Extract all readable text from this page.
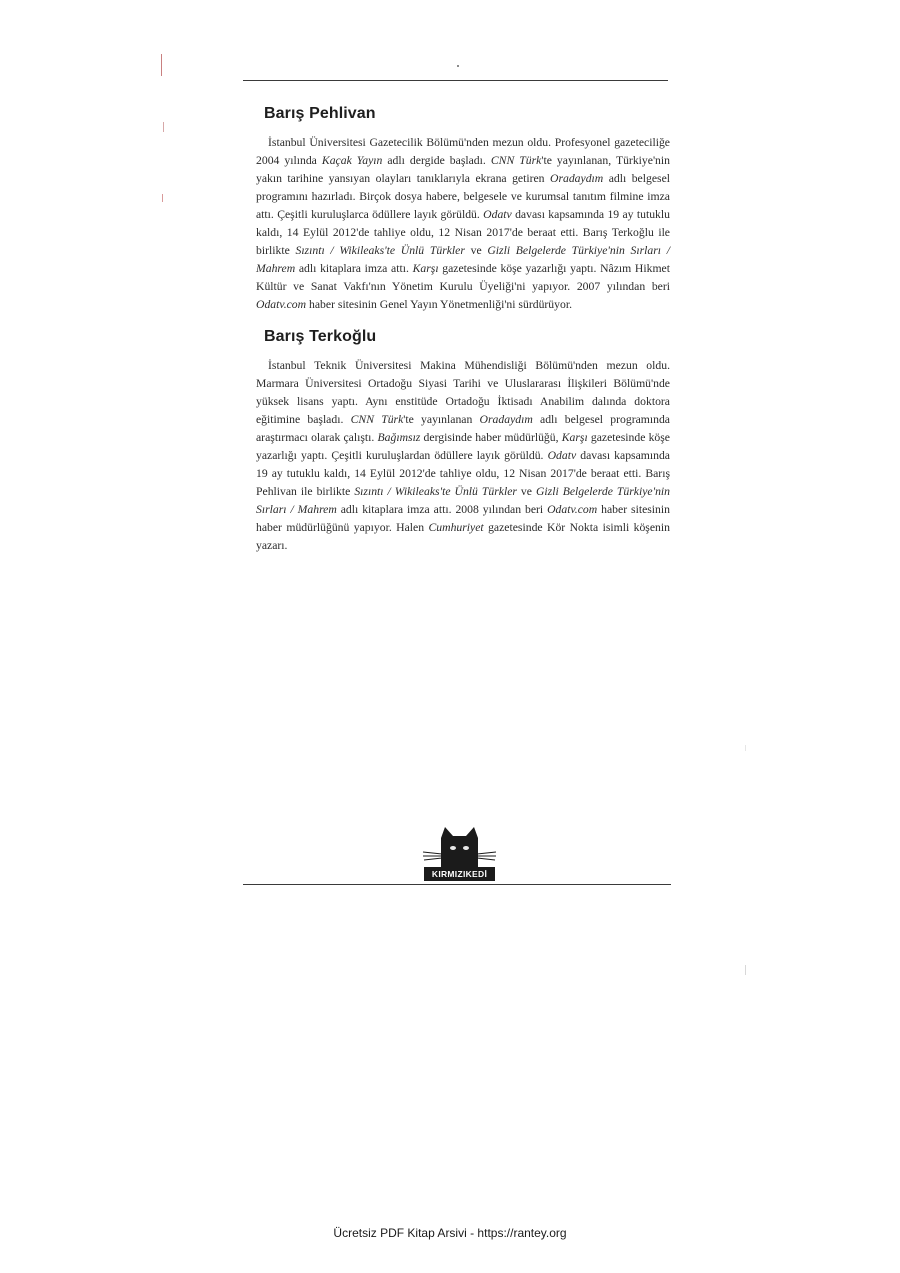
Barış Pehlivan

İstanbul Üniversitesi Gazetecilik Bölümü'nden mezun oldu. Profesyonel gazeteciliğe 2004 yılında Kaçak Yayın adlı dergide başladı. CNN Türk'te yayınlanan, Türkiye'nin yakın tarihine yansıyan olayları tanıklarıyla ekrana getiren Oradaydım adlı belgesel programını hazırladı. Birçok dosya habere, belgesele ve kurumsal tanıtım filmine imza attı. Çeşitli kuruluşlarca ödüllere layık görüldü. Odatv davası kapsamında 19 ay tutuklu kaldı, 14 Eylül 2012'de tahliye oldu, 12 Nisan 2017'de beraat etti. Barış Terkoğlu ile birlikte Sızıntı / Wikileaks'te Ünlü Türkler ve Gizli Belgelerde Türkiye'nin Sırları / Mahrem adlı kitaplara imza attı. Karşı gazetesinde köşe yazarlığı yaptı. Nâzım Hikmet Kültür ve Sanat Vakfı'nın Yönetim Kurulu Üyeliği'ni yapıyor. 2007 yılından beri Odatv.com haber sitesinin Genel Yayın Yönetmenliği'ni sürdürüyor.

Barış Terkoğlu

İstanbul Teknik Üniversitesi Makina Mühendisliği Bölümü'nden mezun oldu. Marmara Üniversitesi Ortadoğu Siyasi Tarihi ve Uluslararası İlişkileri Bölümü'nde yüksek lisans yaptı. Aynı enstitüde Ortadoğu İktisadı Anabilim dalında doktora eğitimine başladı. CNN Türk'te yayınlanan Oradaydım adlı belgesel programında araştırmacı olarak çalıştı. Bağımsız dergisinde haber müdürlüğü, Karşı gazetesinde köşe yazarlığı yaptı. Çeşitli kuruluşlardan ödüllere layık görüldü. Odatv davası kapsamında 19 ay tutuklu kaldı, 14 Eylül 2012'de tahliye oldu, 12 Nisan 2017'de beraat etti. Barış Pehlivan ile birlikte Sızıntı / Wikileaks'te Ünlü Türkler ve Gizli Belgelerde Türkiye'nin Sırları / Mahrem adlı kitaplara imza attı. 2008 yılından beri Odatv.com haber sitesinin haber müdürlüğünü yapıyor. Halen Cumhuriyet gazetesinde Kör Nokta isimli köşenin yazarı.

KIRMIZIKEDİ
Ücretsiz PDF Kitap Arsivi - https://rantey.org
